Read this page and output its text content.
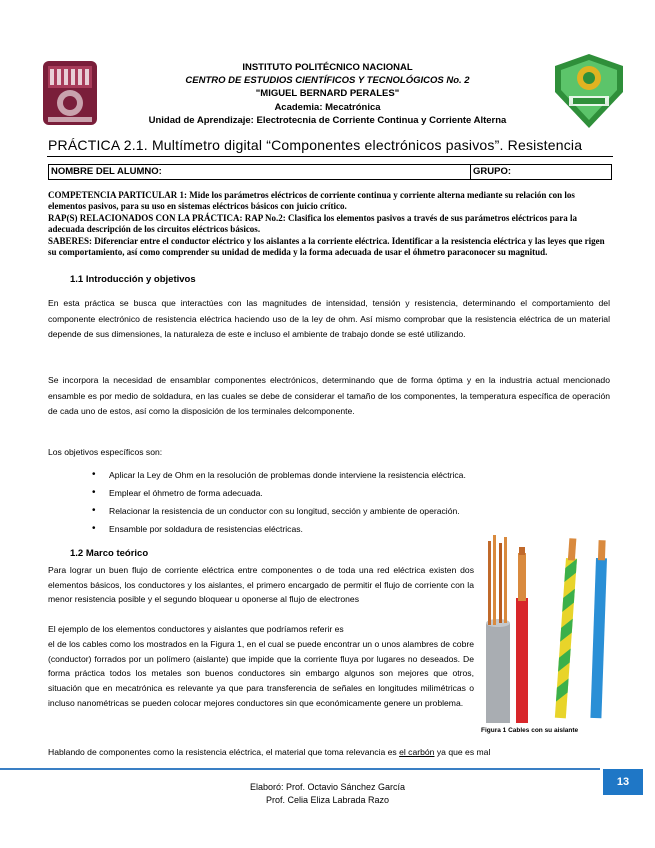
INSTITUTO POLITÉCNICO NACIONAL
CENTRO DE ESTUDIOS CIENTÍFICOS Y TECNOLÓGICOS No. 2
"MIGUEL BERNARD PERALES"
Academia: Mecatrónica
Unidad de Aprendizaje: Electrotecnia de Corriente Continua y Corriente Alterna
PRÁCTICA 2.1. Multímetro digital “Componentes electrónicos pasivos”. Resistencia
NOMBRE DEL ALUMNO:	GRUPO:
COMPETENCIA PARTICULAR 1: Mide los parámetros eléctricos de corriente continua y corriente alterna mediante su relación con los elementos pasivos, para su uso en sistemas eléctricos básicos con juicio crítico.
RAP(S) RELACIONADOS CON LA PRÁCTICA: RAP No.2: Clasifica los elementos pasivos a través de sus parámetros eléctricos para la adecuada descripción de los circuitos eléctricos básicos.
SABERES: Diferenciar entre el conductor eléctrico y los aislantes a la corriente eléctrica. Identificar a la resistencia eléctrica y las leyes que rigen su comportamiento, así como comprender su unidad de medida y la forma adecuada de usar el óhmetro paraconocer su magnitud.
1.1 Introducción y objetivos
En esta práctica se busca que interactúes con las magnitudes de intensidad, tensión y resistencia, determinando el comportamiento del componente electrónico de resistencia eléctrica haciendo uso de la ley de ohm. Así mismo comprobar que la resistencia eléctrica de un material depende de sus dimensiones, la naturaleza de este e incluso el ambiente de trabajo donde se esté utilizando.
Se incorpora la necesidad de ensamblar componentes electrónicos, determinando que de forma óptima y en la industria actual mencionado ensamble es por medio de soldadura, en las cuales se debe de considerar el tamaño de los componentes, la temperatura específica de operación de cada uno de estos, así como la disposición de los terminales delcomponente.
Los objetivos específicos son:
• Aplicar la Ley de Ohm en la resolución de problemas donde interviene la resistencia eléctrica.
• Emplear el óhmetro de forma adecuada.
• Relacionar la resistencia de un conductor con su longitud, sección y ambiente de operación.
• Ensamble por soldadura de resistencias eléctricas.
1.2 Marco teórico
Para lograr un buen flujo de corriente eléctrica entre componentes o de toda una red eléctrica existen dos elementos básicos, los conductores y los aislantes, el primero encargado de permitir el flujo de corriente con la menor resistencia posible y el segundo bloquear u oponerse al flujo de electrones
El ejemplo de los elementos conductores y aislantes que podríamos referir es
el de los cables como los mostrados en la Figura 1, en el cual se puede encontrar un o unos alambres de cobre (conductor) forrados por un polímero (aislante) que impide que la corriente fluya por lugares no deseados. De forma práctica todos los metales son buenos conductores sin embargo algunos son mejores que otros, situación que en mecatrónica es relevante ya que para transferencia de señales en longitudes milimétricas o incluso nanométricas se pueden colocar mejores conductores sin que económicamente genere un problema.
Figura 1 Cables con su aislante
Hablando de componentes como la resistencia eléctrica, el material que toma relevancia es el carbón ya que es mal
13
Elaboró: Prof. Octavio Sánchez García
Prof. Celia Eliza Labrada Razo
